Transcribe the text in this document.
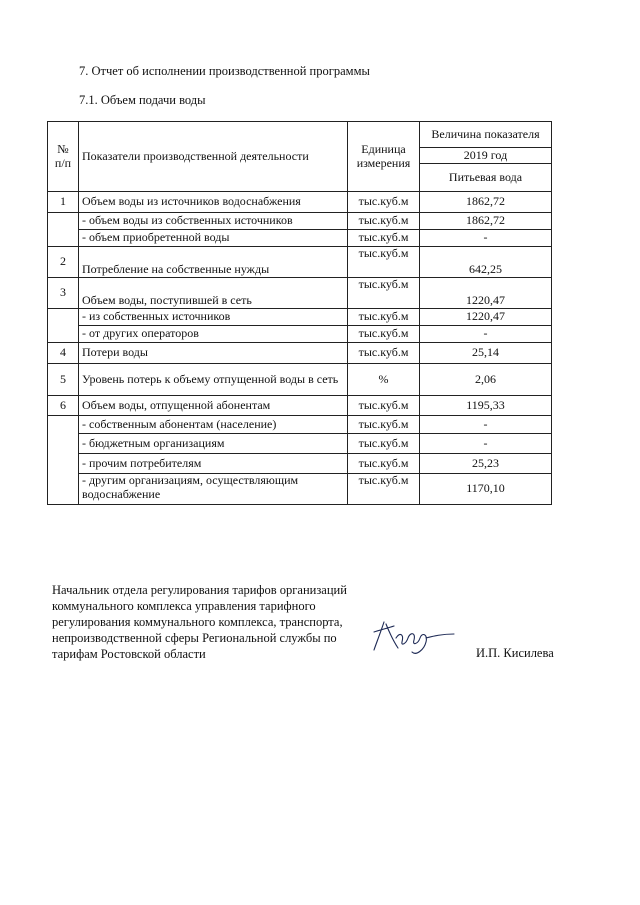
7. Отчет об исполнении производственной программы
7.1. Объем подачи воды
№ п/п	Показатели производственной деятельности	Единица измерения	Величина показателя
			2019 год
			Питьевая вода
1	Объем воды из источников водоснабжения	тыс.куб.м	1862,72
	- объем воды из собственных источников	тыс.куб.м	1862,72
	- объем приобретенной воды	тыс.куб.м	-
2	Потребление на собственные нужды	тыс.куб.м	642,25
3	Объем воды, поступившей в сеть	тыс.куб.м	1220,47
	- из собственных источников	тыс.куб.м	1220,47
	- от других операторов	тыс.куб.м	-
4	Потери воды	тыс.куб.м	25,14
5	Уровень потерь к объему отпущенной воды в сеть	%	2,06
6	Объем воды, отпущенной абонентам	тыс.куб.м	1195,33
	- собственным абонентам (население)	тыс.куб.м	-
	- бюджетным организациям	тыс.куб.м	-
	- прочим потребителям	тыс.куб.м	25,23
	- другим организациям, осуществляющим водоснабжение	тыс.куб.м	1170,10
Начальник отдела регулирования тарифов организаций коммунального комплекса управления тарифного регулирования коммунального комплекса, транспорта, непроизводственной сферы Региональной службы по тарифам Ростовской области	И.П. Кисилева
